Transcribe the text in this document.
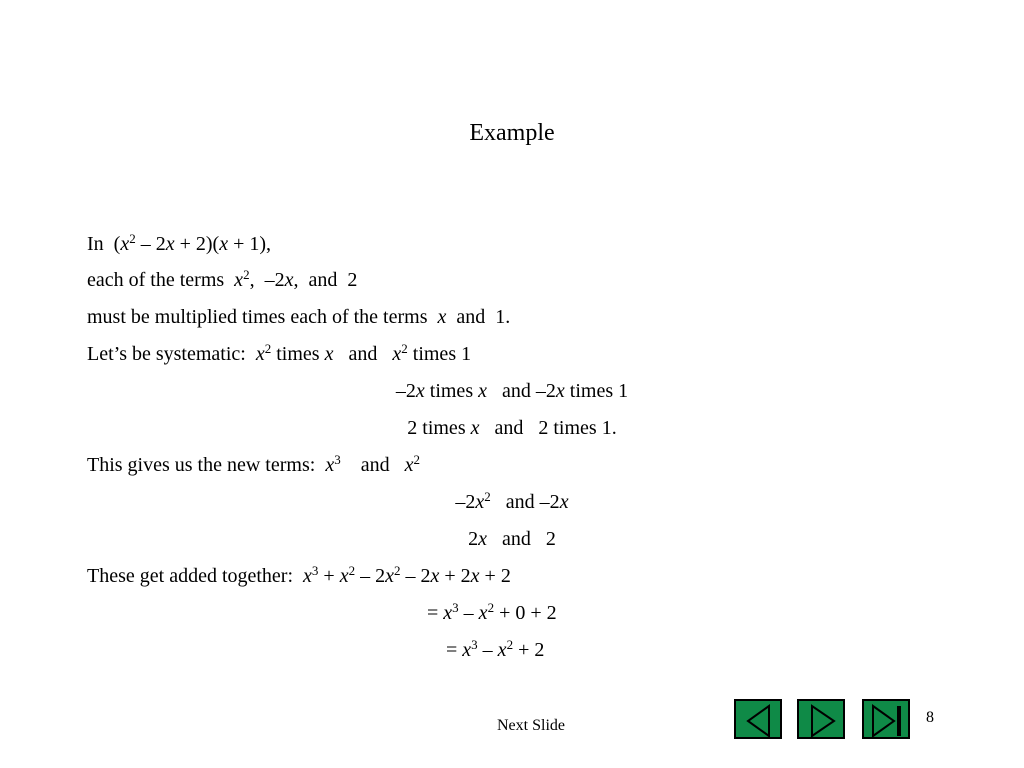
Example
In  $(x^2 - 2x + 2)(x + 1)$,
each of the terms  $x^2$,  –2x,  and  2
must be multiplied times each of the terms  x  and  1.
Let’s be systematic:  $x^2$ times x   and   $x^2$ times 1
–2x times x   and –2x times 1
2 times x   and   2 times 1.
This gives us the new terms:  $x^3$    and   $x^2$
$-2x^2$   and –2x
2x   and   2
These get added together:  $x^3 + x^2 - 2x^2 - 2x + 2x + 2$
= $x^3 - x^2 + 0 + 2$
= $x^3 - x^2 + 2$
Next Slide	8
